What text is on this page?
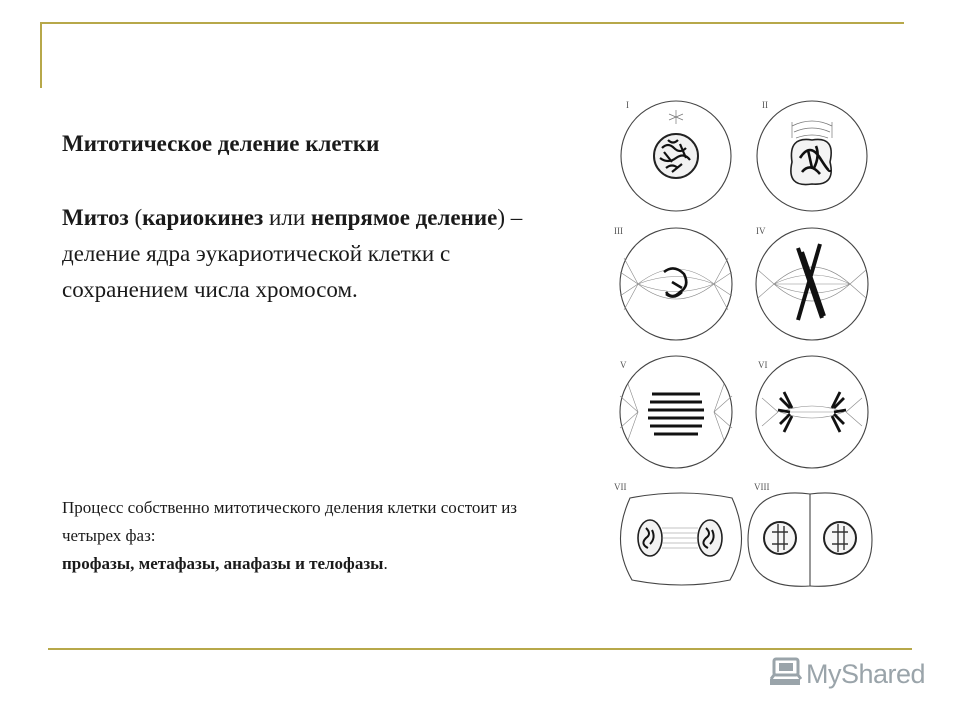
Митотическое деление клетки

Митоз (кариокинез или непрямое деление) – деление ядра эукариотической клетки с сохранением числа хромосом.

Процесс собственно митотического деления клетки состоит из четырех фаз:
профазы, метафазы, анафазы и телофазы.

I	II
III	IV
V	VI
VII	VIII
MyShared
